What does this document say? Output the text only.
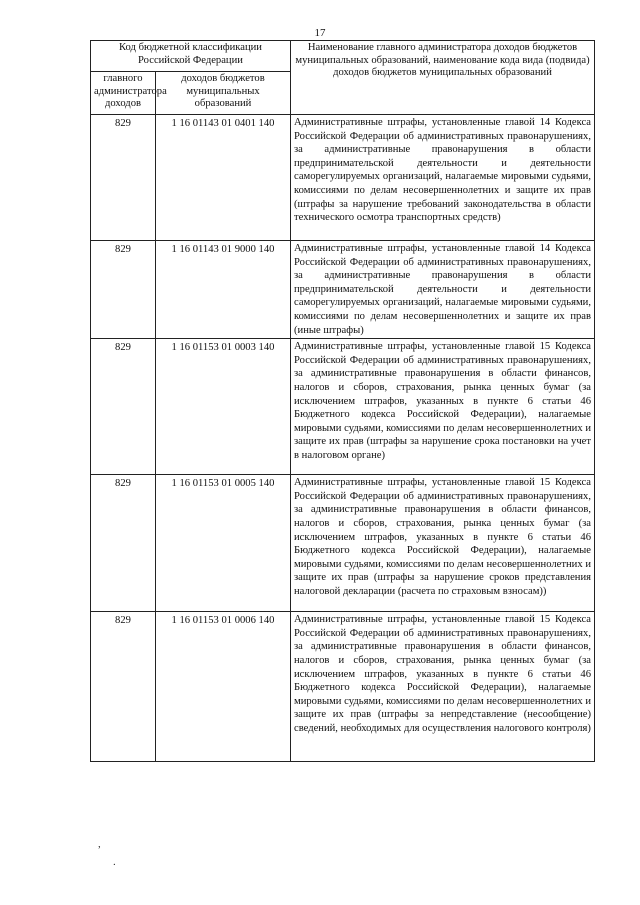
17
Код бюджетной классификации Российской Федерации		Наименование главного администратора доходов бюджетов муниципальных образований, наименование кода вида (подвида) доходов бюджетов муниципальных образований
главного администратора доходов	доходов бюджетов муниципальных образований	
829	1 16 01143 01 0401 140	Административные штрафы, установленные главой 14 Кодекса Российской Федерации об административных правонарушениях, за административные правонарушения в области предпринимательской деятельности и деятельности саморегулируемых организаций, налагаемые мировыми судьями, комиссиями по делам несовершеннолетних и защите их прав (штрафы за нарушение требований законодательства в области технического осмотра транспортных средств)
829	1 16 01143 01 9000 140	Административные штрафы, установленные главой 14 Кодекса Российской Федерации об административных правонарушениях, за административные правонарушения в области предпринимательской деятельности и деятельности саморегулируемых организаций, налагаемые мировыми судьями, комиссиями по делам несовершеннолетних и защите их прав (иные штрафы)
829	1 16 01153 01 0003 140	Административные штрафы, установленные главой 15 Кодекса Российской Федерации об административных правонарушениях, за административные правонарушения в области финансов, налогов и сборов, страхования, рынка ценных бумаг (за исключением штрафов, указанных в пункте 6 статьи 46 Бюджетного кодекса Российской Федерации), налагаемые мировыми судьями, комиссиями по делам несовершеннолетних и защите их прав (штрафы за нарушение срока постановки на учет в налоговом органе)
829	1 16 01153 01 0005 140	Административные штрафы, установленные главой 15 Кодекса Российской Федерации об административных правонарушениях, за административные правонарушения в области финансов, налогов и сборов, страхования, рынка ценных бумаг (за исключением штрафов, указанных в пункте 6 статьи 46 Бюджетного кодекса Российской Федерации), налагаемые мировыми судьями, комиссиями по делам несовершеннолетних и защите их прав (штрафы за нарушение сроков представления налоговой декларации (расчета по страховым взносам))
829	1 16 01153 01 0006 140	Административные штрафы, установленные главой 15 Кодекса Российской Федерации об административных правонарушениях, за административные правонарушения в области финансов, налогов и сборов, страхования, рынка ценных бумаг (за исключением штрафов, указанных в пункте 6 статьи 46 Бюджетного кодекса Российской Федерации), налагаемые мировыми судьями, комиссиями по делам несовершеннолетних и защите их прав (штрафы за непредставление (несообщение) сведений, необходимых для осуществления налогового контроля)
,
.
